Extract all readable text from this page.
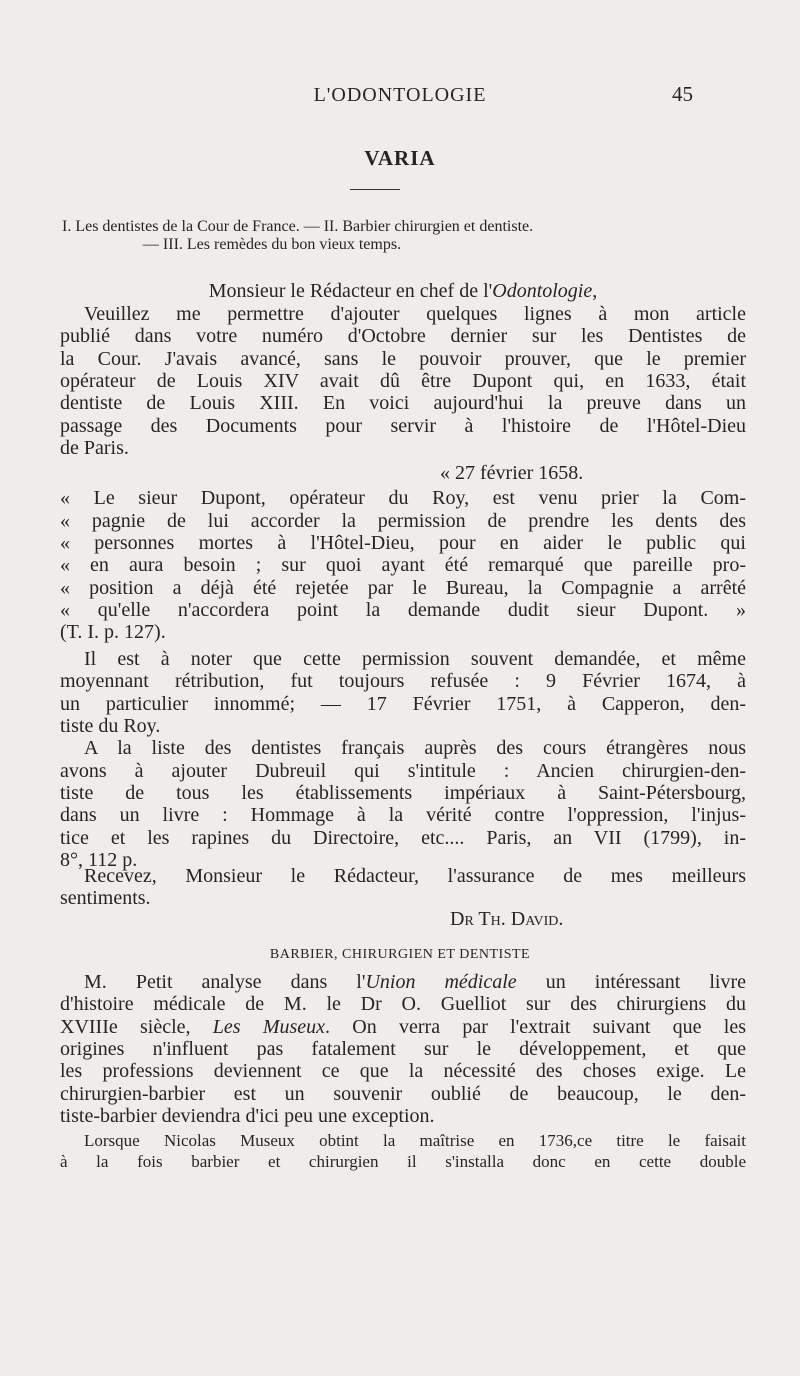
L'ODONTOLOGIE	45
VARIA
I. Les dentistes de la Cour de France. — II. Barbier chirurgien et dentiste.
— III. Les remèdes du bon vieux temps.
Monsieur le Rédacteur en chef de l'Odontologie,
Veuillez me permettre d'ajouter quelques lignes à mon article
publié dans votre numéro d'Octobre dernier sur les Dentistes de
la Cour. J'avais avancé, sans le pouvoir prouver, que le premier
opérateur de Louis XIV avait dû être Dupont qui, en 1633, était
dentiste de Louis XIII. En voici aujourd'hui la preuve dans un
passage des Documents pour servir à l'histoire de l'Hôtel-Dieu
de Paris.
« 27 février 1658.
« Le sieur Dupont, opérateur du Roy, est venu prier la Com-
« pagnie de lui accorder la permission de prendre les dents des
« personnes mortes à l'Hôtel-Dieu, pour en aider le public qui
« en aura besoin ; sur quoi ayant été remarqué que pareille pro-
« position a déjà été rejetée par le Bureau, la Compagnie a arrêté
« qu'elle n'accordera point la demande dudit sieur Dupont. »
(T. I. p. 127).
Il est à noter que cette permission souvent demandée, et même
moyennant rétribution, fut toujours refusée : 9 Février 1674, à
un particulier innommé; — 17 Février 1751, à Capperon, den-
tiste du Roy.
A la liste des dentistes français auprès des cours étrangères nous
avons à ajouter Dubreuil qui s'intitule : Ancien chirurgien-den-
tiste de tous les établissements impériaux à Saint-Pétersbourg,
dans un livre : Hommage à la vérité contre l'oppression, l'injus-
tice et les rapines du Directoire, etc.... Paris, an VII (1799), in-
8°, 112 p.
Recevez, Monsieur le Rédacteur, l'assurance de mes meilleurs
sentiments.
Dr Th. David.
BARBIER, CHIRURGIEN ET DENTISTE
M. Petit analyse dans l'Union médicale un intéressant livre
d'histoire médicale de M. le Dr O. Guelliot sur des chirurgiens du
XVIIIe siècle, Les Museux. On verra par l'extrait suivant que les
origines n'influent pas fatalement sur le développement, et que
les professions deviennent ce que la nécessité des choses exige. Le
chirurgien-barbier est un souvenir oublié de beaucoup, le den-
tiste-barbier deviendra d'ici peu une exception.
Lorsque Nicolas Museux obtint la maîtrise en 1736,ce titre le faisait
à la fois barbier et chirurgien il s'installa donc en cette double
